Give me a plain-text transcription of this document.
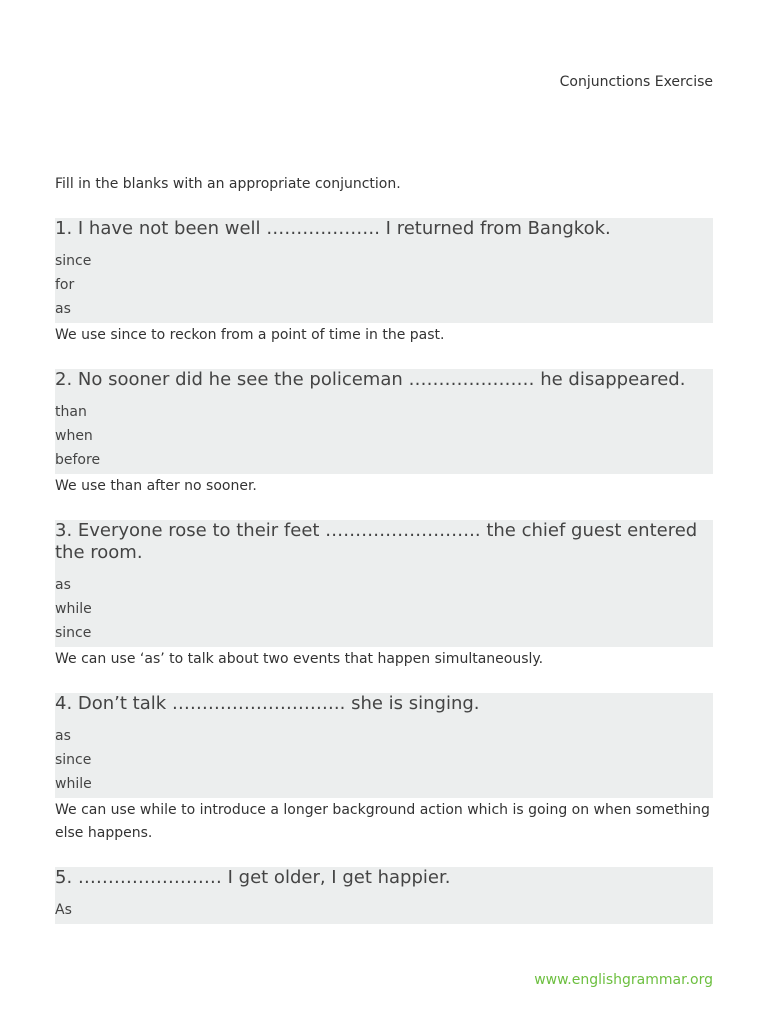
Conjunctions Exercise

Fill in the blanks with an appropriate conjunction.

1. I have not been well ………………. I returned from Bangkok.

since
for
as
We use since to reckon from a point of time in the past.

2. No sooner did he see the policeman ………………… he disappeared.

than
when
before
We use than after no sooner.

3. Everyone rose to their feet …………………….. the chief guest entered the room.

as
while
since
We can use ‘as’ to talk about two events that happen simultaneously.

4. Don’t talk ……………………….. she is singing.

as
since
while
We can use while to introduce a longer background action which is going on when something else happens.

5. …………………… I get older, I get happier.

As
www.englishgrammar.org
